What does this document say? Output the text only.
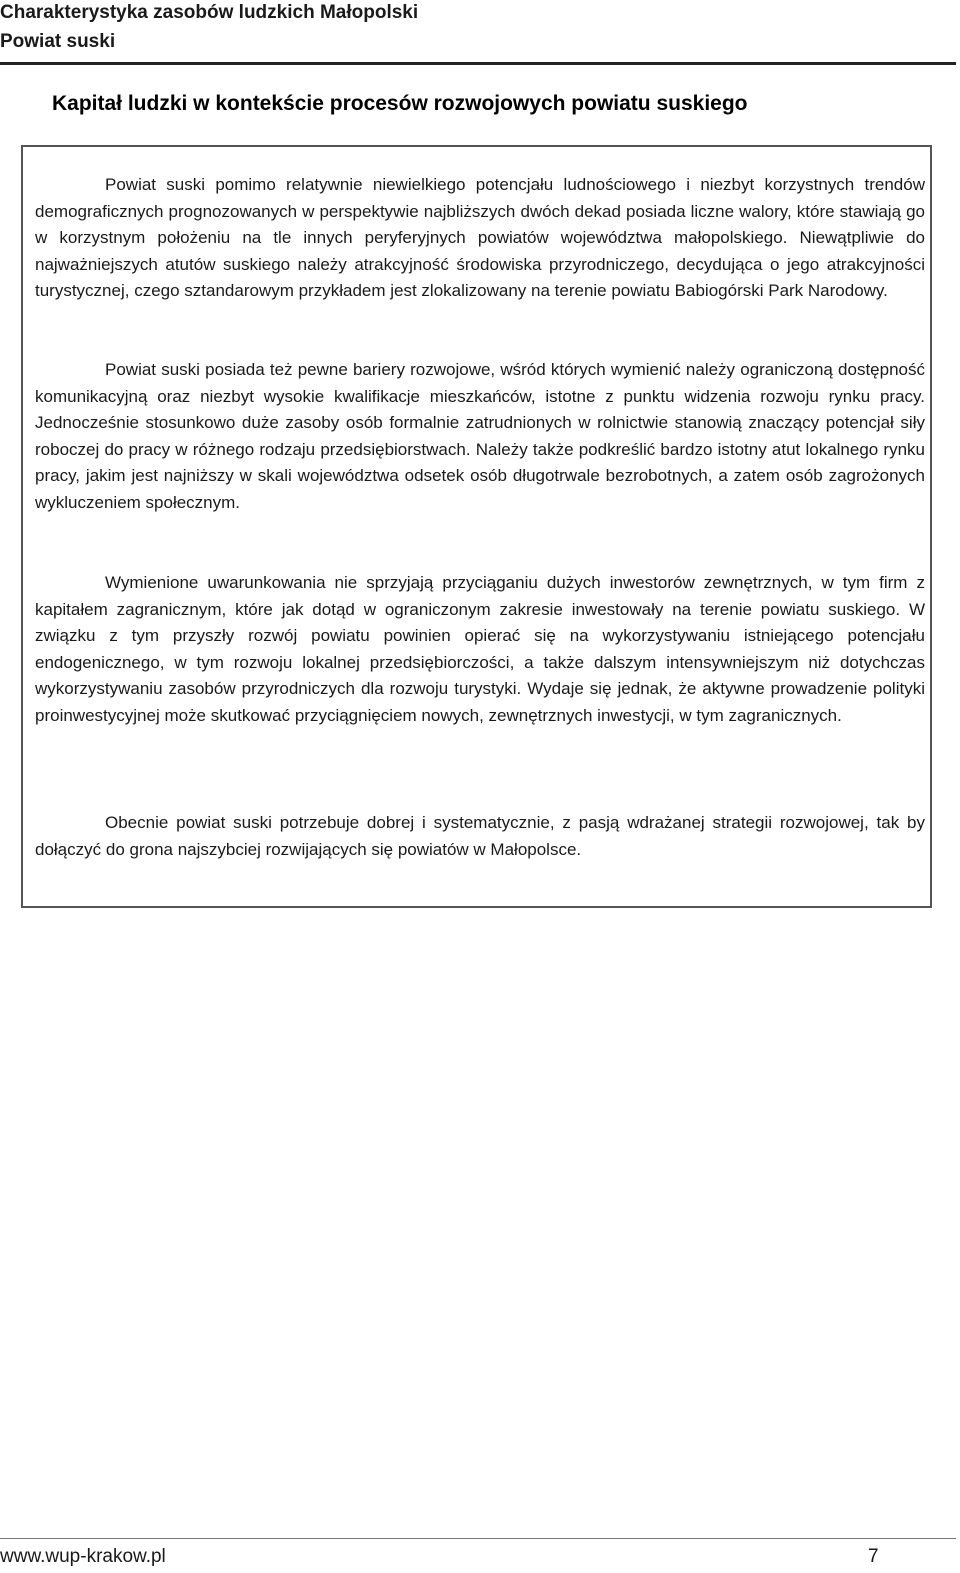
Charakterystyka zasobów ludzkich Małopolski

Powiat suski

Kapitał ludzki w kontekście procesów rozwojowych powiatu suskiego

Powiat suski pomimo relatywnie niewielkiego potencjału ludnościowego i niezbyt korzystnych trendów demograficznych prognozowanych w perspektywie najbliższych dwóch dekad posiada liczne walory, które stawiają go w korzystnym położeniu na tle innych peryferyjnych powiatów województwa małopolskiego. Niewątpliwie do najważniejszych atutów suskiego należy atrakcyjność środowiska przyrodniczego, decydująca o jego atrakcyjności turystycznej, czego sztandarowym przykładem jest zlokalizowany na terenie powiatu Babiogórski Park Narodowy.

Powiat suski posiada też pewne bariery rozwojowe, wśród których wymienić należy ograniczoną dostępność komunikacyjną oraz niezbyt wysokie kwalifikacje mieszkańców, istotne z punktu widzenia rozwoju rynku pracy. Jednocześnie stosunkowo duże zasoby osób formalnie zatrudnionych w rolnictwie stanowią znaczący potencjał siły roboczej do pracy w różnego rodzaju przedsiębiorstwach. Należy także podkreślić bardzo istotny atut lokalnego rynku pracy, jakim jest najniższy w skali województwa odsetek osób długotrwale bezrobotnych, a zatem osób zagrożonych wykluczeniem społecznym.

Wymienione uwarunkowania nie sprzyjają przyciąganiu dużych inwestorów zewnętrznych, w tym firm z kapitałem zagranicznym, które jak dotąd w ograniczonym zakresie inwestowały na terenie powiatu suskiego. W związku z tym przyszły rozwój powiatu powinien opierać się na wykorzystywaniu istniejącego potencjału endogenicznego, w tym rozwoju lokalnej przedsiębiorczości, a także dalszym intensywniejszym niż dotychczas wykorzystywaniu zasobów przyrodniczych dla rozwoju turystyki. Wydaje się jednak, że aktywne prowadzenie polityki proinwestycyjnej może skutkować przyciągnięciem nowych, zewnętrznych inwestycji, w tym zagranicznych.

Obecnie powiat suski potrzebuje dobrej i systematycznie, z pasją wdrażanej strategii rozwojowej, tak by dołączyć do grona najszybciej rozwijających się powiatów w Małopolsce.

www.wup-krakow.pl	7
